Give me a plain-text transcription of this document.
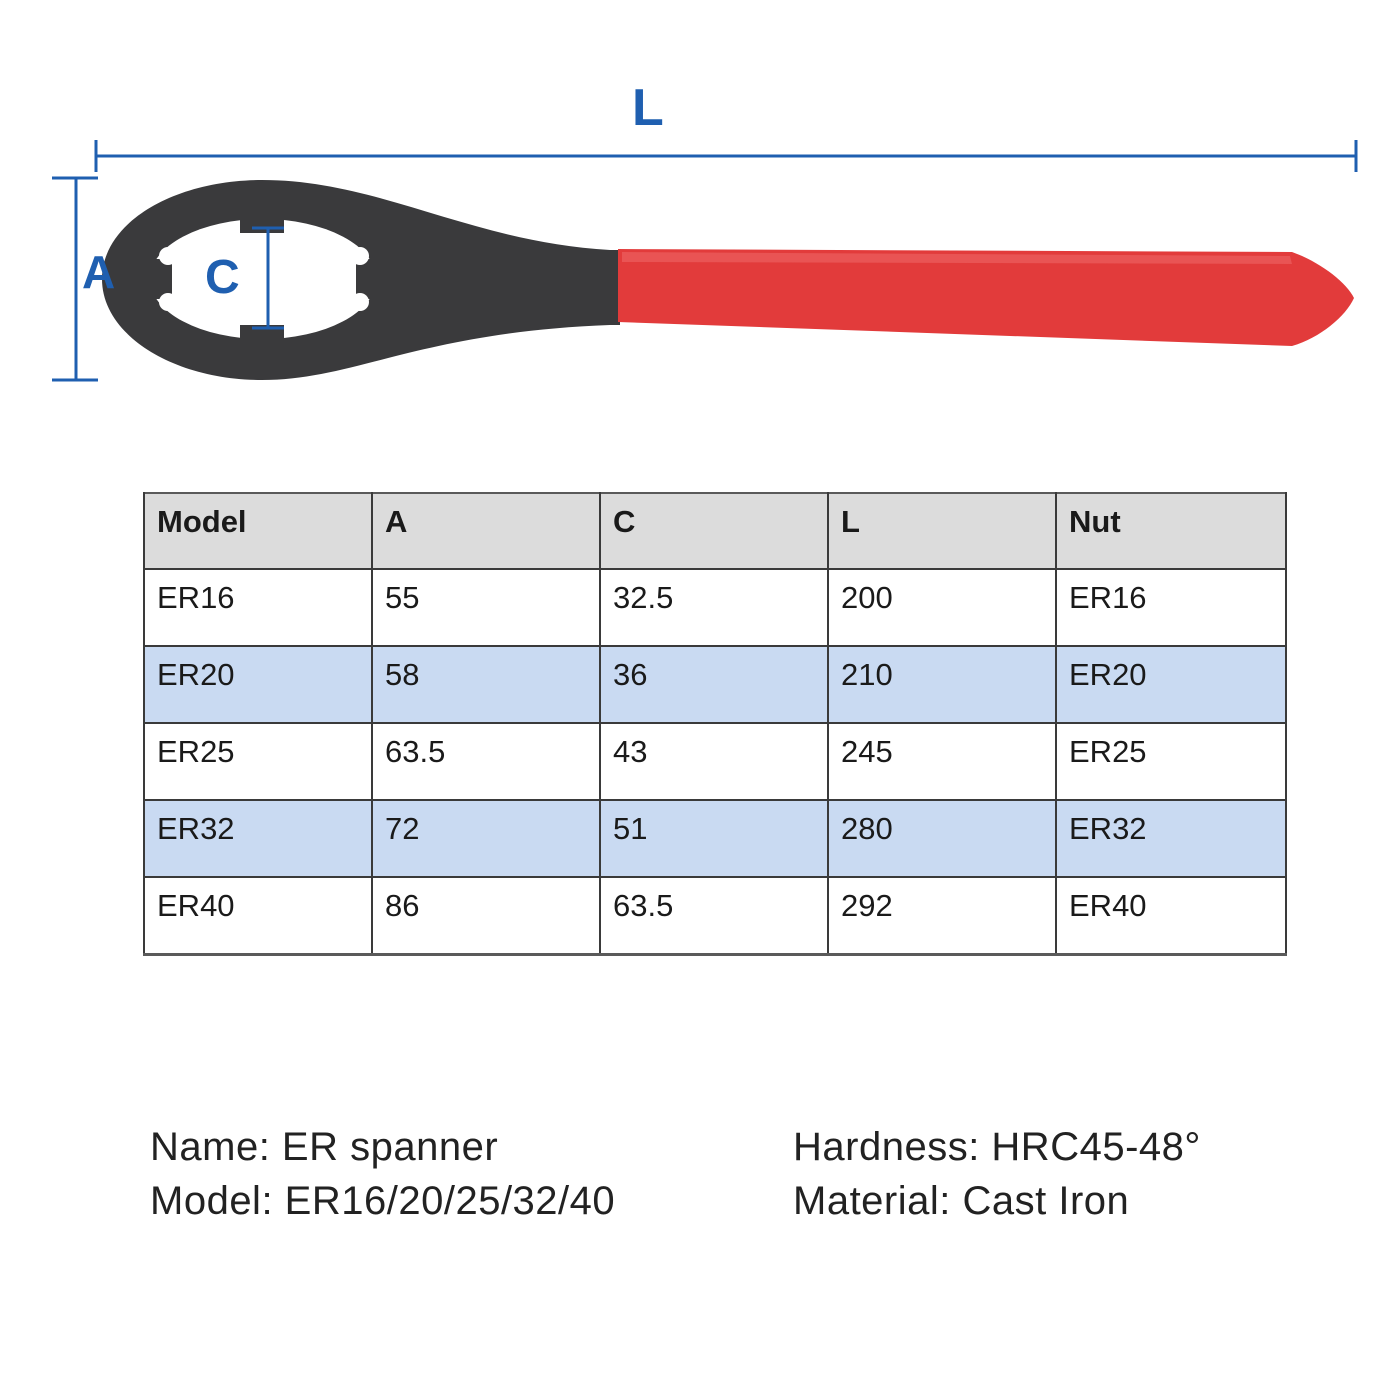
L
A C
Model	A	C	L	Nut
ER16	55	32.5	200	ER16
ER20	58	36	210	ER20
ER25	63.5	43	245	ER25
ER32	72	51	280	ER32
ER40	86	63.5	292	ER40
Name: ER spanner
Model: ER16/20/25/32/40
Hardness: HRC45-48°
Material: Cast Iron
